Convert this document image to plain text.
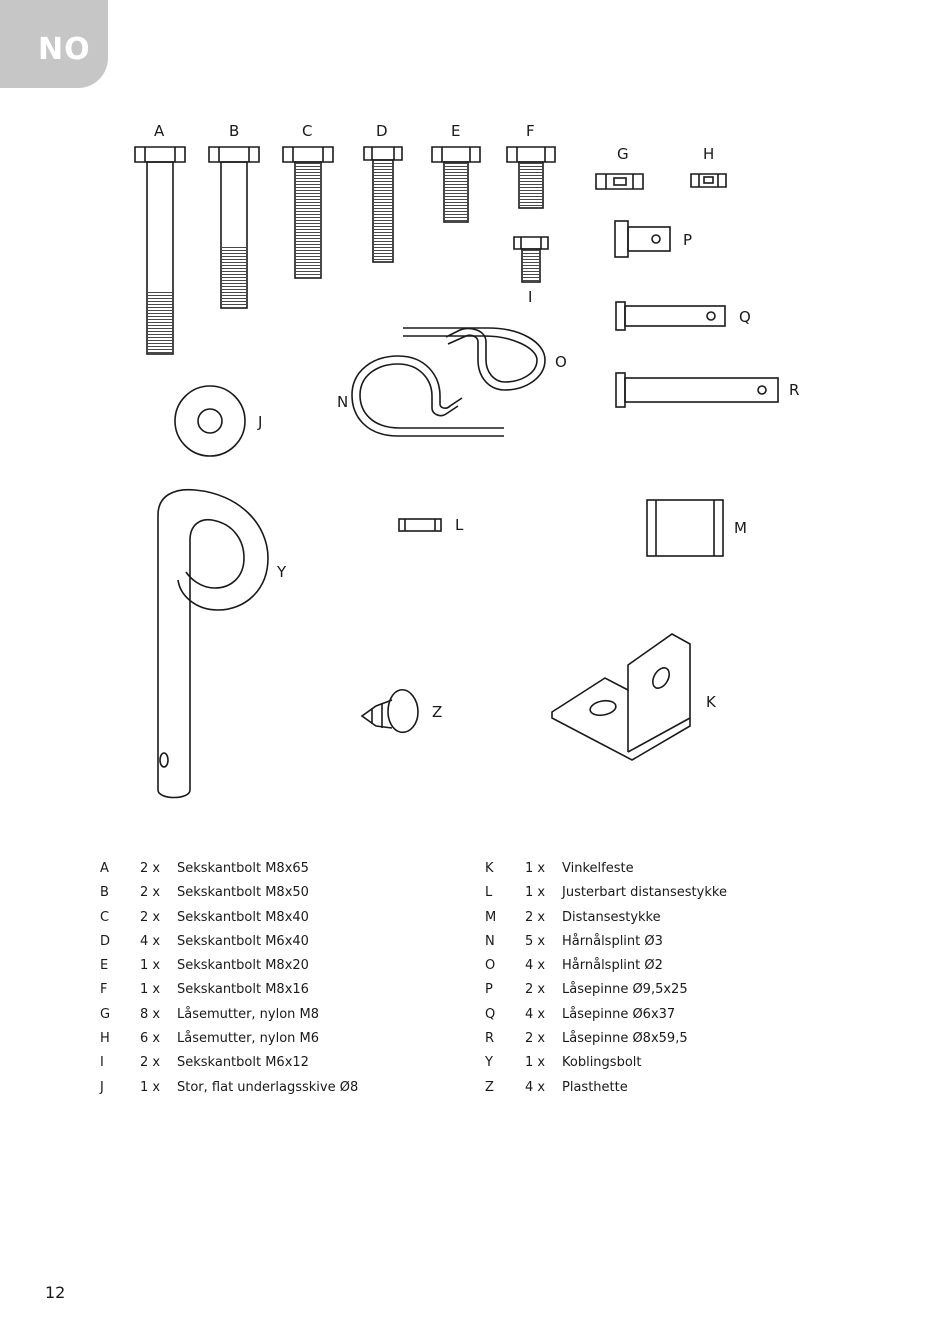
NO
A	B	C	D	E	F
I
G	H
P
Q
R
O
N
J
Y
L	M
Z
K
A	2 x Sekskantbolt M8x65
B	2 x Sekskantbolt M8x50
C	2 x Sekskantbolt M8x40
D	4 x Sekskantbolt M6x40
E	1 x Sekskantbolt M8x20
F	1 x Sekskantbolt M8x16
G	8 x Låsemutter, nylon M8
H	6 x Låsemutter, nylon M6
I	2 x Sekskantbolt M6x12
J	1 x Stor, flat underlagsskive Ø8
K	1 x Vinkelfeste
L	1 x Justerbart distansestykke
M	2 x Distansestykke
N	5 x Hårnålsplint Ø3
O	4 x Hårnålsplint Ø2
P	2 x Låsepinne Ø9,5x25
Q	4 x Låsepinne Ø6x37
R	2 x Låsepinne Ø8x59,5
Y	1 x Koblingsbolt
Z	4 x Plasthette
12
